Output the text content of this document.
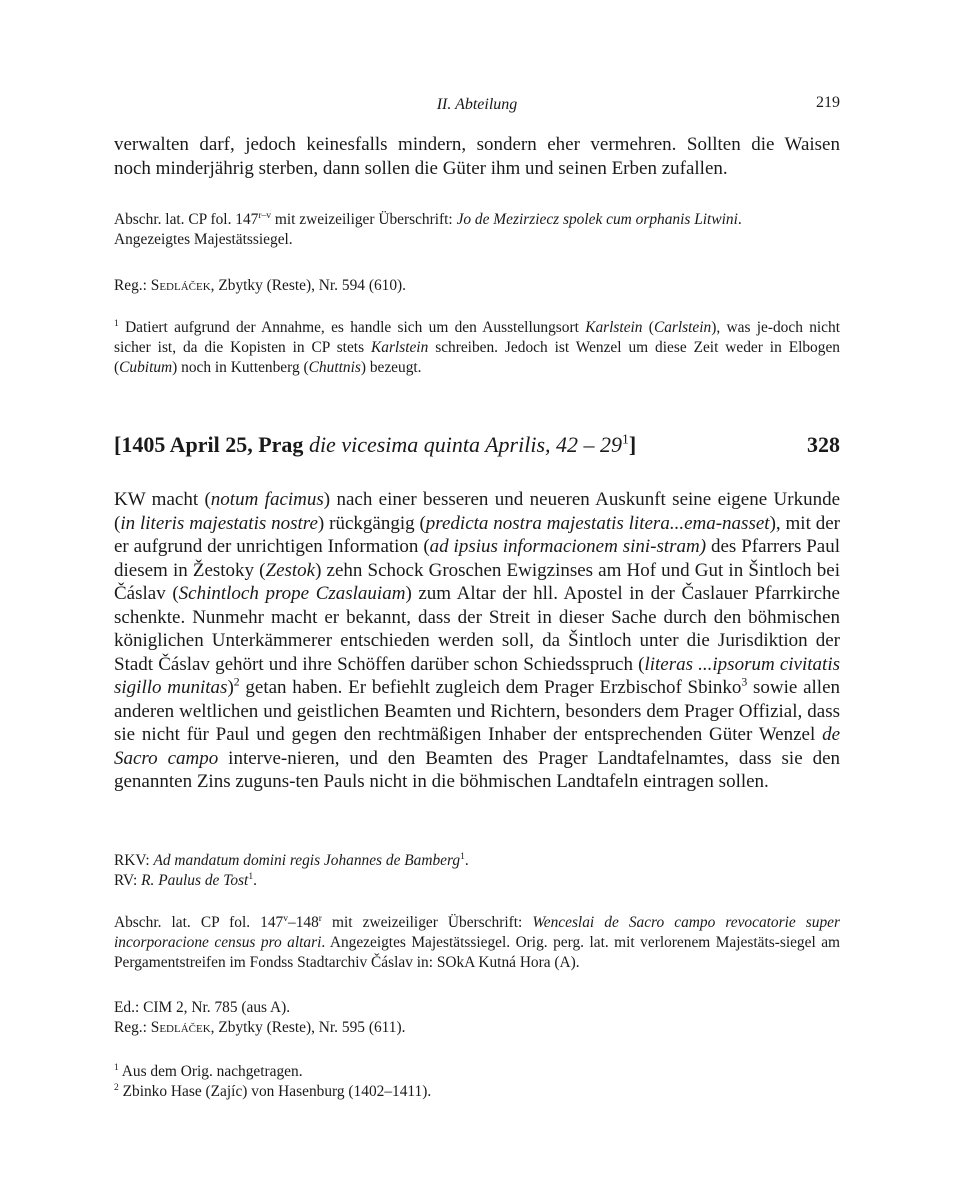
II. Abteilung	219
verwalten darf, jedoch keinesfalls mindern, sondern eher vermehren. Sollten die Waisen
noch minderjährig sterben, dann sollen die Güter ihm und seinen Erben zufallen.
Abschr. lat. CP fol. 147$^{r-v}$ mit zweizeiliger Überschrift: Jo de Mezirziecz spolek cum orphanis Litwini.
Angezeigtes Majestätssiegel.
Reg.: Sedláček, Zbytky (Reste), Nr. 594 (610).
$^1$ Datiert aufgrund der Annahme, es handle sich um den Ausstellungsort Karlstein (Carlstein), was je-doch nicht sicher ist, da die Kopisten in CP stets Karlstein schreiben. Jedoch ist Wenzel um diese Zeit weder in Elbogen (Cubitum) noch in Kuttenberg (Chuttnis) bezeugt.
[1405 April 25, Prag die vicesima quinta Aprilis, $42 - 29^1$]	328
KW macht (notum facimus) nach einer besseren und neueren Auskunft seine eigene Urkunde (in literis majestatis nostre) rückgängig (predicta nostra majestatis litera...ema-nasset), mit der er aufgrund der unrichtigen Information (ad ipsius informacionem sini-stram) des Pfarrers Paul diesem in Žestoky (Zestok) zehn Schock Groschen Ewigzinses am Hof und Gut in Šintloch bei Čáslav (Schintloch prope Czaslauiam) zum Altar der hll. Apostel in der Časlauer Pfarrkirche schenkte. Nunmehr macht er bekannt, dass der Streit in dieser Sache durch den böhmischen königlichen Unterkämmerer entschieden werden soll, da Šintloch unter die Jurisdiktion der Stadt Čáslav gehört und ihre Schöffen darüber schon Schiedsspruch (literas ...ipsorum civitatis sigillo munitas)$^2$ getan haben. Er befiehlt zugleich dem Prager Erzbischof Sbinko$^3$ sowie allen anderen weltlichen und geistlichen Beamten und Richtern, besonders dem Prager Offizial, dass sie nicht für Paul und gegen den rechtmäßigen Inhaber der entsprechenden Güter Wenzel de Sacro campo interve-nieren, und den Beamten des Prager Landtafelnamtes, dass sie den genannten Zins zuguns-ten Pauls nicht in die böhmischen Landtafeln eintragen sollen.
RKV: Ad mandatum domini regis Johannes de Bamberg$^1$.
RV: R. Paulus de Tost$^1$.
Abschr. lat. CP fol. 147$^v$–148$^r$ mit zweizeiliger Überschrift: Wenceslai de Sacro campo revocatorie super incorporacione census pro altari. Angezeigtes Majestätssiegel. Orig. perg. lat. mit verlorenem Majestäts-siegel am Pergamentstreifen im Fondss Stadtarchiv Čáslav in: SOkA Kutná Hora (A).
Ed.: CIM 2, Nr. 785 (aus A).
Reg.: Sedláček, Zbytky (Reste), Nr. 595 (611).
$^1$ Aus dem Orig. nachgetragen.
$^2$ Zbinko Hase (Zajíc) von Hasenburg (1402–1411).
